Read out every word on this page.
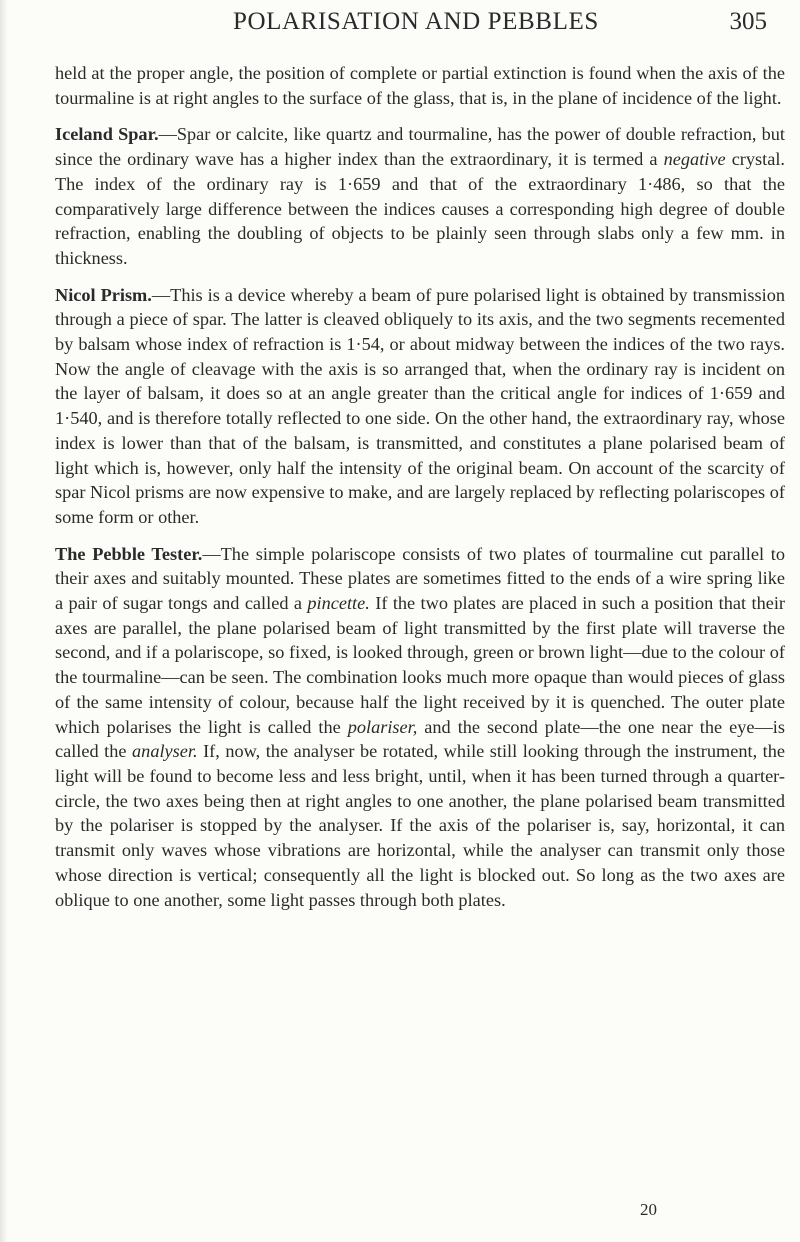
POLARISATION AND PEBBLES	305

held at the proper angle, the position of complete or partial extinction is found when the axis of the tourmaline is at right angles to the surface of the glass, that is, in the plane of incidence of the light.

Iceland Spar.—Spar or calcite, like quartz and tourmaline, has the power of double refraction, but since the ordinary wave has a higher index than the extraordinary, it is termed a negative crystal. The index of the ordinary ray is 1·659 and that of the extraordinary 1·486, so that the comparatively large difference between the indices causes a corresponding high degree of double refraction, enabling the doubling of objects to be plainly seen through slabs only a few mm. in thickness.

Nicol Prism.—This is a device whereby a beam of pure polarised light is obtained by transmission through a piece of spar. The latter is cleaved obliquely to its axis, and the two segments recemented by balsam whose index of refraction is 1·54, or about midway between the indices of the two rays. Now the angle of cleavage with the axis is so arranged that, when the ordinary ray is incident on the layer of balsam, it does so at an angle greater than the critical angle for indices of 1·659 and 1·540, and is therefore totally reflected to one side. On the other hand, the extraordinary ray, whose index is lower than that of the balsam, is transmitted, and constitutes a plane polarised beam of light which is, however, only half the intensity of the original beam. On account of the scarcity of spar Nicol prisms are now expensive to make, and are largely replaced by reflecting polariscopes of some form or other.

The Pebble Tester.—The simple polariscope consists of two plates of tourmaline cut parallel to their axes and suitably mounted. These plates are sometimes fitted to the ends of a wire spring like a pair of sugar tongs and called a pincette. If the two plates are placed in such a position that their axes are parallel, the plane polarised beam of light transmitted by the first plate will traverse the second, and if a polariscope, so fixed, is looked through, green or brown light—due to the colour of the tourmaline—can be seen. The combination looks much more opaque than would pieces of glass of the same intensity of colour, because half the light received by it is quenched. The outer plate which polarises the light is called the polariser, and the second plate—the one near the eye—is called the analyser. If, now, the analyser be rotated, while still looking through the instrument, the light will be found to become less and less bright, until, when it has been turned through a quarter-circle, the two axes being then at right angles to one another, the plane polarised beam transmitted by the polariser is stopped by the analyser. If the axis of the polariser is, say, horizontal, it can transmit only waves whose vibrations are horizontal, while the analyser can transmit only those whose direction is vertical; consequently all the light is blocked out. So long as the two axes are oblique to one another, some light passes through both plates.

20
